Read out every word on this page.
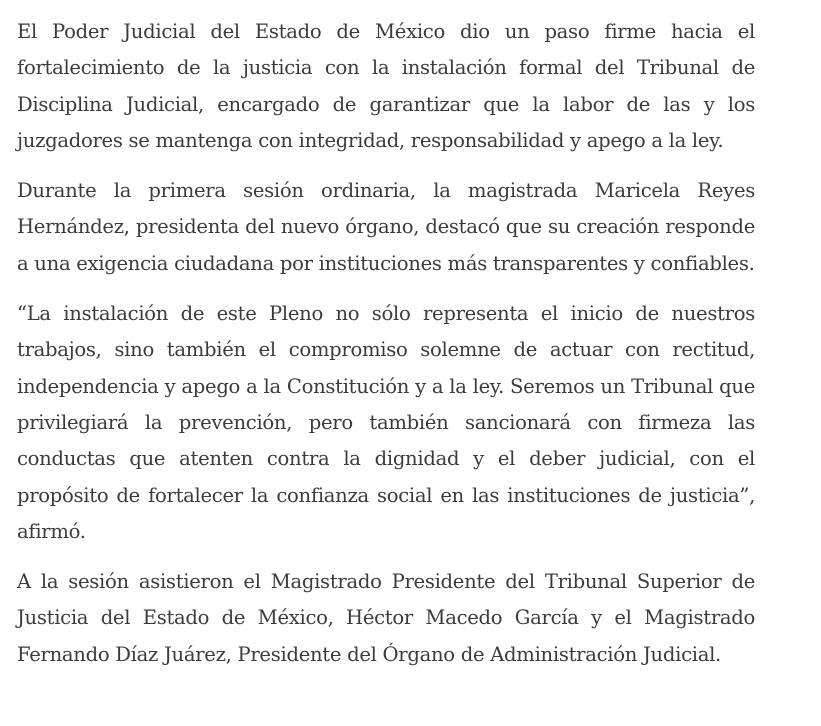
El Poder Judicial del Estado de México dio un paso firme hacia el fortalecimiento de la justicia con la instalación formal del Tribunal de Disciplina Judicial, encargado de garantizar que la labor de las y los juzgadores se mantenga con integridad, responsabilidad y apego a la ley.

Durante la primera sesión ordinaria, la magistrada Maricela Reyes Hernández, presidenta del nuevo órgano, destacó que su creación responde a una exigencia ciudadana por instituciones más transparentes y confiables.

“La instalación de este Pleno no sólo representa el inicio de nuestros trabajos, sino también el compromiso solemne de actuar con rectitud, independencia y apego a la Constitución y a la ley. Seremos un Tribunal que privilegiará la prevención, pero también sancionará con firmeza las conductas que atenten contra la dignidad y el deber judicial, con el propósito de fortalecer la confianza social en las instituciones de justicia”, afirmó.

A la sesión asistieron el Magistrado Presidente del Tribunal Superior de Justicia del Estado de México, Héctor Macedo García y el Magistrado Fernando Díaz Juárez, Presidente del Órgano de Administración Judicial.
